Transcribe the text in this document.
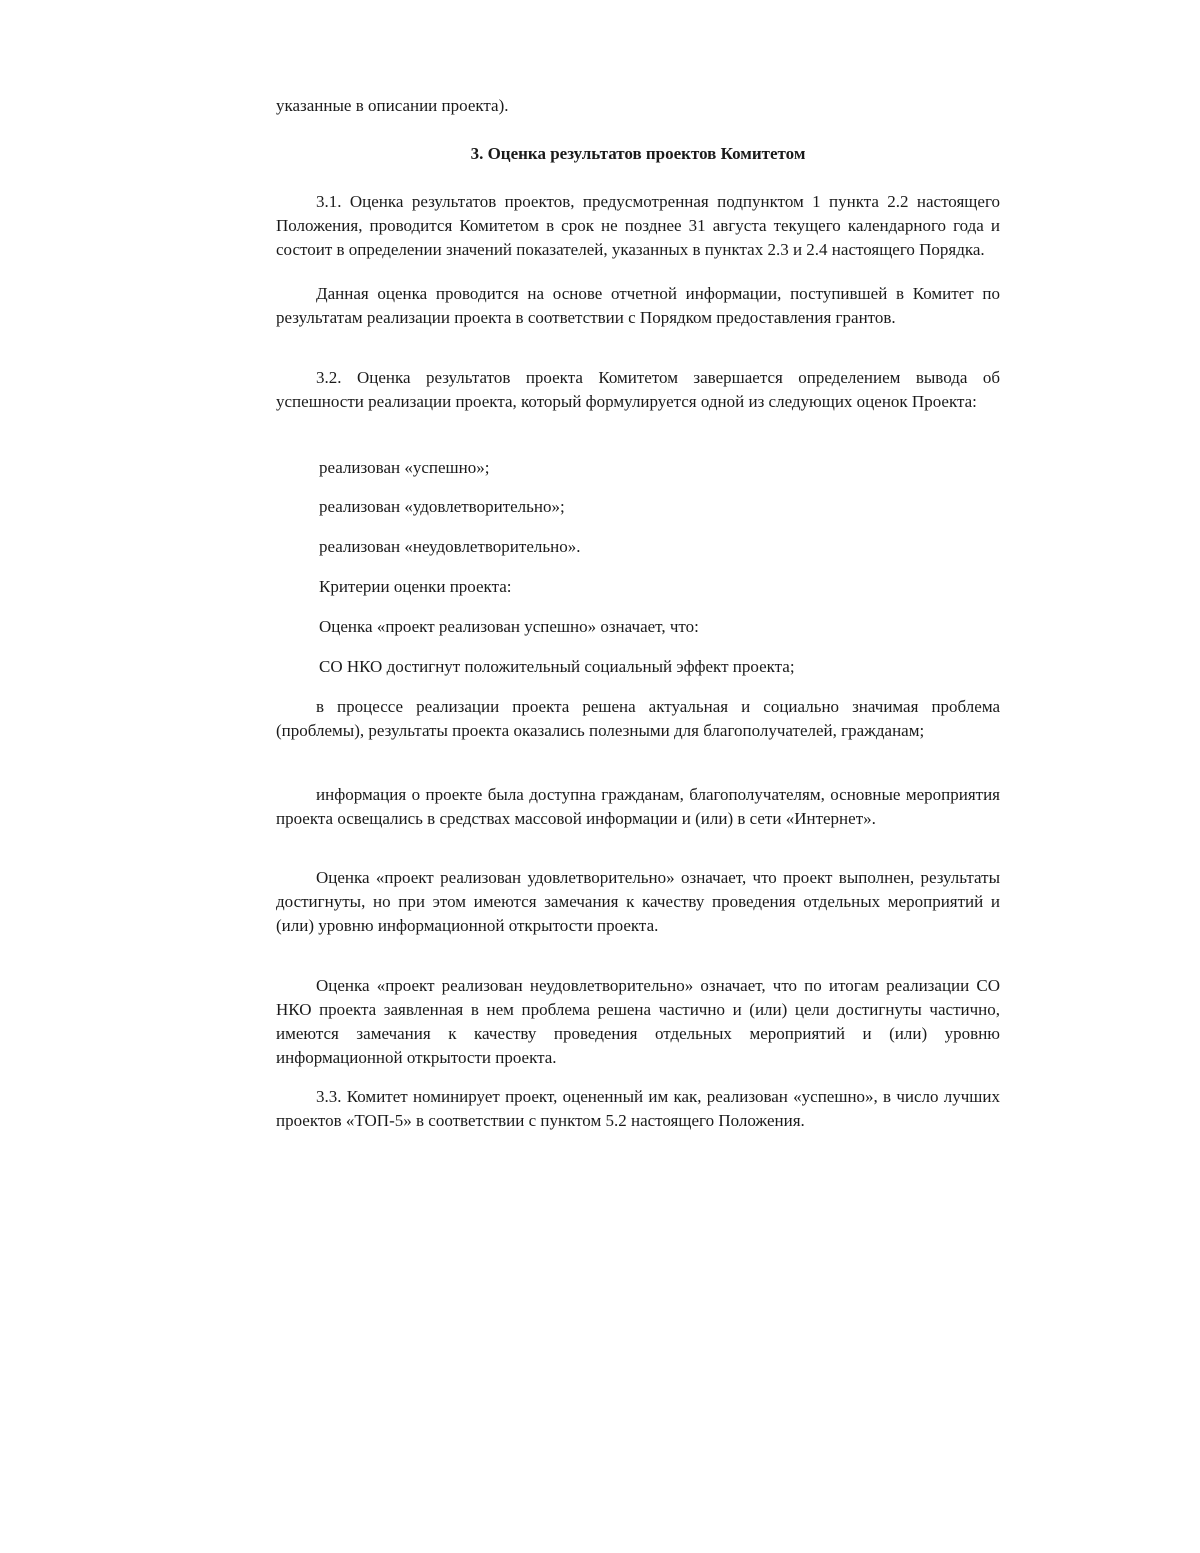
указанные в описании проекта).

3. Оценка результатов проектов Комитетом

3.1. Оценка результатов проектов, предусмотренная подпунктом 1 пункта 2.2 настоящего Положения, проводится Комитетом в срок не позднее 31 августа текущего календарного года и состоит в определении значений показателей, указанных в пунктах 2.3 и 2.4 настоящего Порядка.

Данная оценка проводится на основе отчетной информации, поступившей в Комитет по результатам реализации проекта в соответствии с Порядком предоставления грантов.

3.2. Оценка результатов проекта Комитетом завершается определением вывода об успешности реализации проекта, который формулируется одной из следующих оценок Проекта:

реализован «успешно»;

реализован «удовлетворительно»;

реализован «неудовлетворительно».

Критерии оценки проекта:

Оценка «проект реализован успешно» означает, что:

СО НКО достигнут положительный социальный эффект проекта;

в процессе реализации проекта решена актуальная и социально значимая проблема (проблемы), результаты проекта оказались полезными для благополучателей, гражданам;

информация о проекте была доступна гражданам, благополучателям, основные мероприятия проекта освещались в средствах массовой информации и (или) в сети «Интернет».

Оценка «проект реализован удовлетворительно» означает, что проект выполнен, результаты достигнуты, но при этом имеются замечания к качеству проведения отдельных мероприятий и (или) уровню информационной открытости проекта.

Оценка «проект реализован неудовлетворительно» означает, что по итогам реализации СО НКО проекта заявленная в нем проблема решена частично и (или) цели достигнуты частично, имеются замечания к качеству проведения отдельных мероприятий и (или) уровню информационной открытости проекта.

3.3. Комитет номинирует проект, оцененный им как, реализован «успешно», в число лучших проектов «ТОП-5» в соответствии с пунктом 5.2 настоящего Положения.
